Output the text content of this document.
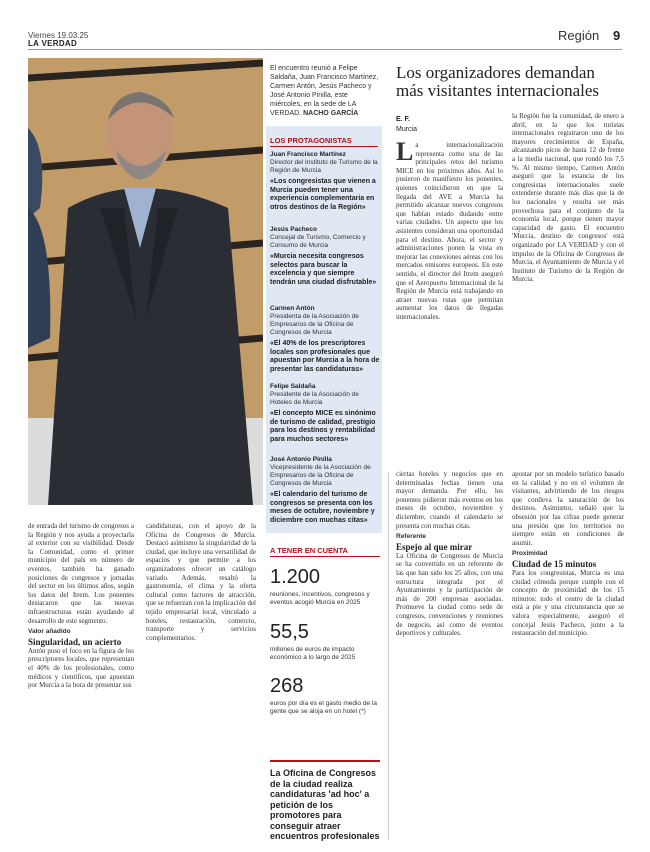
Viernes 19.03.25
LA VERDAD
Región 9
El encuentro reunió a Felipe Saldaña, Juan Francisco Martínez, Carmen Antón, Jesús Pacheco y José Antonio Pinilla, este miércoles, en la sede de LA VERDAD. NACHO GARCÍA
LOS PROTAGONISTAS
Juan Francisco Martínez
Director del Instituto de Turismo de la Región de Murcia
«Los congresistas que vienen a Murcia pueden tener una experiencia complementaria en otros destinos de la Región»
Jesús Pacheco
Concejal de Turismo, Comercio y Consumo de Murcia
«Murcia necesita congresos selectos para buscar la excelencia y que siempre tendrán una ciudad disfrutable»
Carmen Antón
Presidenta de la Asociación de Empresarios de la Oficina de Congresos de Murcia
«El 40% de los prescriptores locales son profesionales que apuestan por Murcia a la hora de presentar las candidaturas»
Felipe Saldaña
Presidente de la Asociación de Hoteles de Murcia
«El concepto MICE es sinónimo de turismo de calidad, prestigio para los destinos y rentabilidad para muchos sectores»
José Antonio Pinilla
Vicepresidente de la Asociación de Empresarios de la Oficina de Congresos de Murcia
«El calendario del turismo de congresos se presenta con los meses de octubre, noviembre y diciembre con muchas citas»
Los organizadores demandan más visitantes internacionales
E. F.
Murcia
L a internacionalización representa como una de las principales retos del turismo MICE en los próximos años. Así lo pusieron de manifiesto los ponentes, quienes coincidieron en que la llegada del AVE a Murcia ha permitido alcanzar nuevos congresos que habían estado dudando entre varias ciudades. Un aspecto que los asistentes consideran una oportunidad para el destino. Ahora, el sector y administraciones ponen la vista en mejorar las conexiones aéreas con los mercados emisores europeos. En este sentido, el director del Itrem aseguró que el Aeropuerto Internacional de la Región de Murcia está trabajando en atraer nuevas rutas que permitan aumentar los datos de llegadas internacionales.
la Región fue la comunidad, de enero a abril, en la que los turistas internacionales registraron uno de los mayores crecimientos de España, alcanzando picos de hasta 12 de frente a la media nacional, que rondó los 7,5 %. Al mismo tiempo, Carmen Antón aseguró que la estancia de los congresistas internacionales suele extenderse durante más días que la de los nacionales y resulta ser más provechosa para el conjunto de la economía local, porque tienen mayor capacidad de gasto. El encuentro 'Murcia, destino de congresos' está organizado por LA VERDAD y con el impulso de la Oficina de Congresos de Murcia, el Ayuntamiento de Murcia y el Instituto de Turismo de la Región de Murcia.
de entrada del turismo de congresos a la Región y nos ayuda a proyectarla al exterior con su visibilidad. Desde la Comunidad, como el primer municipio del país en número de eventos, también ha ganado posiciones de congresos y jornadas del sector en los últimos años, según los datos del Itrem. Los ponentes destacaron que las nuevas infraestructuras están ayudando al desarrollo de este segmento.
Valor añadido
Singularidad, un acierto
Antón puso el foco en la figura de los prescriptores locales, que representan el 40% de los profesionales, como médicos y científicos, que apuestan por Murcia a la hora de presentar sus
candidaturas, con el apoyo de la Oficina de Congresos de Murcia. Destacó asimismo la singularidad de la ciudad, que incluye una versatilidad de espacios y que permite a los organizadores ofrecer un catálogo variado. Además, resaltó la gastronomía, el clima y la oferta cultural como factores de atracción, que se refuerzan con la implicación del tejido empresarial local, vinculado a hoteles, restauración, comercio, transporte y servicios complementarios.
ciertas hoteles y negocios que en determinadas fechas tienen una mayor demanda. Por ello, los ponentes pidieron más eventos en los meses de octubre, noviembre y diciembre, cuando el calendario se presenta con muchas citas.
Referente
Espejo al que mirar
La Oficina de Congresos de Murcia se ha convertido en un referente de las que han sido los 25 años, con una estructura integrada por el Ayuntamiento y la participación de más de 200 empresas asociadas. Promueve la ciudad como sede de congresos, convenciones y reuniones de negocio, así como de eventos deportivos y culturales.
apostar por un modelo turístico basado en la calidad y no en el volumen de visitantes, advirtiendo de los riesgos que conlleva la saturación de los destinos. Asimismo, señaló que la obsesión por las cifras puede generar una presión que los territorios no siempre están en condiciones de asumir.
Proximidad
Ciudad de 15 minutos
Para los congresistas, Murcia es una ciudad cómoda porque cumple con el concepto de proximidad de los 15 minutos: todo el centro de la ciudad está a pie y una circunstancia que se valora especialmente, aseguró el concejal Jesús Pacheco, junto a la restauración del municipio.
A TENER EN CUENTA
1.200
reuniones, incentivos, congresos y eventos acogió Murcia en 2025
55,5
millones de euros de impacto económico a lo largo de 2025
268
euros por día es el gasto medio de la gente que se aloja en un hotel (*)
La Oficina de Congresos de la ciudad realiza candidaturas 'ad hoc' a petición de los promotores para conseguir atraer encuentros profesionales
